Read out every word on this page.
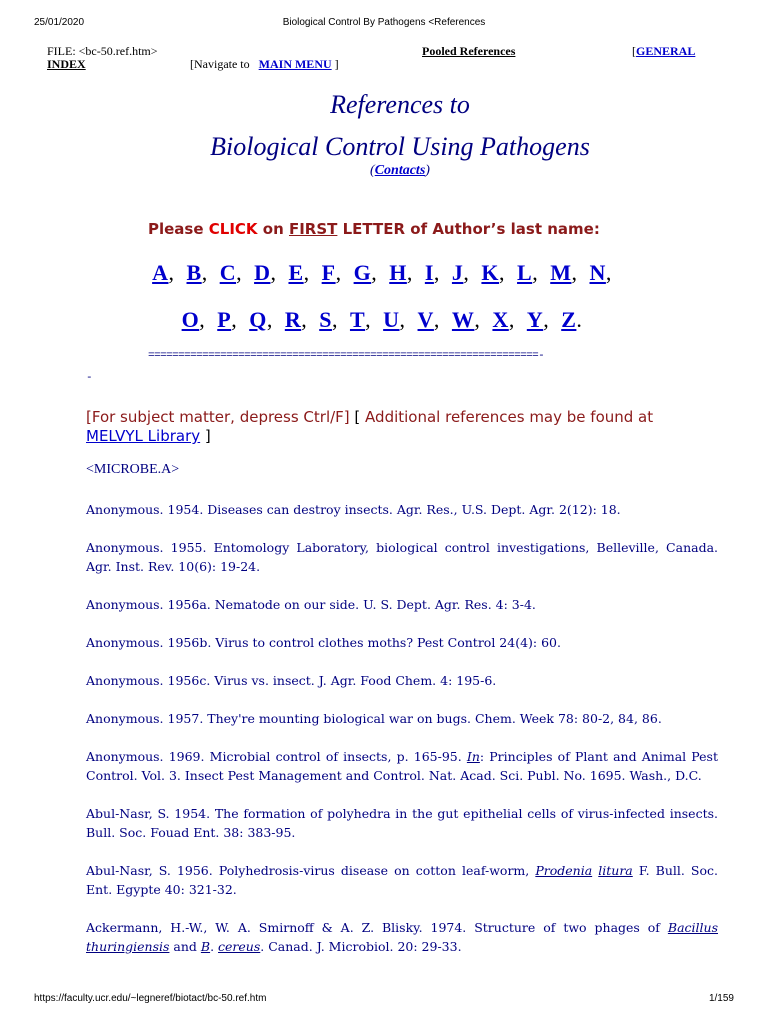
25/01/2020	Biological Control By Pathogens <References
FILE: <bc-50.ref.htm>
INDEX	[Navigate to MAIN MENU ]
Pooled References	[GENERAL
References to
Biological Control Using Pathogens
(Contacts)
Please CLICK on FIRST LETTER of Author’s last name:
A,  B,  C,  D,  E,  F,  G,  H,  I,  J,  K,  L,  M,  N,
O,  P,  Q,  R,  S,  T,  U,  V,  W,  X,  Y,  Z.
=================================================================-
-
[For subject matter, depress Ctrl/F] [ Additional references may be found at
MELVYL Library ]
<MICROBE.A>

Anonymous. 1954. Diseases can destroy insects. Agr. Res., U.S. Dept. Agr. 2(12): 18.

Anonymous. 1955. Entomology Laboratory, biological control investigations, Belleville, Canada. Agr. Inst. Rev. 10(6): 19-24.

Anonymous. 1956a. Nematode on our side. U. S. Dept. Agr. Res. 4: 3-4.

Anonymous. 1956b. Virus to control clothes moths? Pest Control 24(4): 60.

Anonymous. 1956c. Virus vs. insect. J. Agr. Food Chem. 4: 195-6.

Anonymous. 1957. They're mounting biological war on bugs. Chem. Week 78: 80-2, 84, 86.

Anonymous. 1969. Microbial control of insects, p. 165-95. In: Principles of Plant and Animal Pest Control. Vol. 3. Insect Pest Management and Control. Nat. Acad. Sci. Publ. No. 1695. Wash., D.C.

Abul-Nasr, S. 1954. The formation of polyhedra in the gut epithelial cells of virus-infected insects. Bull. Soc. Fouad Ent. 38: 383-95.

Abul-Nasr, S. 1956. Polyhedrosis-virus disease on cotton leaf-worm, Prodenia litura F. Bull. Soc. Ent. Egypte 40: 321-32.

Ackermann, H.-W., W. A. Smirnoff & A. Z. Blisky. 1974. Structure of two phages of Bacillus thuringiensis and B. cereus. Canad. J. Microbiol. 20: 29-33.

https://faculty.ucr.edu/~legneref/biotact/bc-50.ref.htm	1/159
